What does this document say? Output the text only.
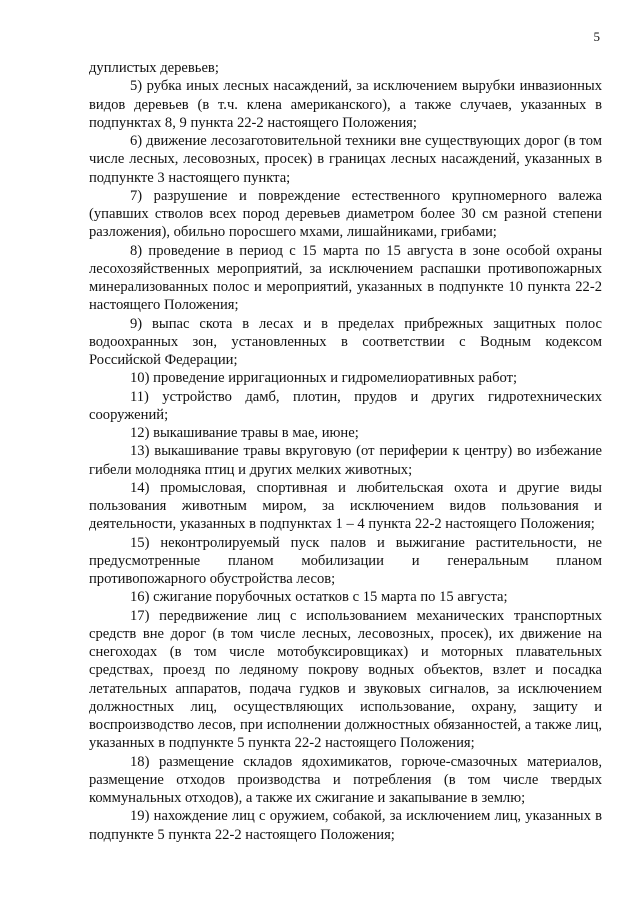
5

дуплистых деревьев;

5) рубка иных лесных насаждений, за исключением вырубки инвазионных видов деревьев (в т.ч. клена американского), а также случаев, указанных в подпунктах 8, 9 пункта 22-2 настоящего Положения;

6) движение лесозаготовительной техники вне существующих дорог (в том числе лесных, лесовозных, просек) в границах лесных насаждений, указанных в подпункте 3 настоящего пункта;

7) разрушение и повреждение естественного крупномерного валежа (упавших стволов всех пород деревьев диаметром более 30 см разной степени разложения), обильно поросшего мхами, лишайниками, грибами;

8) проведение в период с 15 марта по 15 августа в зоне особой охраны лесохозяйственных мероприятий, за исключением распашки противопожарных минерализованных полос и мероприятий, указанных в подпункте 10 пункта 22-2 настоящего Положения;

9) выпас скота в лесах и в пределах прибрежных защитных полос водоохранных зон, установленных в соответствии с Водным кодексом Российской Федерации;

10) проведение ирригационных и гидромелиоративных работ;

11) устройство дамб, плотин, прудов и других гидротехнических сооружений;

12) выкашивание травы в мае, июне;

13) выкашивание травы вкруговую (от периферии к центру) во избежание гибели молодняка птиц и других мелких животных;

14) промысловая, спортивная и любительская охота и другие виды пользования животным миром, за исключением видов пользования и деятельности, указанных в подпунктах 1 – 4 пункта 22-2 настоящего Положения;

15) неконтролируемый пуск палов и выжигание растительности, не предусмотренные планом мобилизации и генеральным планом противопожарного обустройства лесов;

16) сжигание порубочных остатков с 15 марта по 15 августа;

17) передвижение лиц с использованием механических транспортных средств вне дорог (в том числе лесных, лесовозных, просек), их движение на снегоходах (в том числе мотобуксировщиках) и моторных плавательных средствах, проезд по ледяному покрову водных объектов, взлет и посадка летательных аппаратов, подача гудков и звуковых сигналов, за исключением должностных лиц, осуществляющих использование, охрану, защиту и воспроизводство лесов, при исполнении должностных обязанностей, а также лиц, указанных в подпункте 5 пункта 22-2 настоящего Положения;

18) размещение складов ядохимикатов, горюче-смазочных материалов, размещение отходов производства и потребления (в том числе твердых коммунальных отходов), а также их сжигание и закапывание в землю;

19) нахождение лиц с оружием, собакой, за исключением лиц, указанных в подпункте 5 пункта 22-2 настоящего Положения;
